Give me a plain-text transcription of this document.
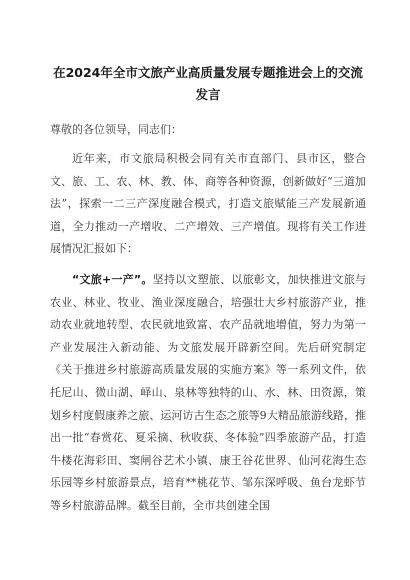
在2024年全市文旅产业高质量发展专题推进会上的交流发言

尊敬的各位领导，同志们：

近年来，市文旅局积极会同有关市直部门、县市区，整合文、旅、工、农、林、教、体、商等各种资源，创新做好“三道加法”，探索一二三产深度融合模式，打造文旅赋能三产发展新通道，全力推动一产增收、二产增效、三产增值。现将有关工作进展情况汇报如下：

“文旅+一产”。坚持以文塑旅、以旅彰文，加快推进文旅与农业、林业、牧业、渔业深度融合，培强壮大乡村旅游产业，推动农业就地转型、农民就地致富、农产品就地增值，努力为第一产业发展注入新动能、为文旅发展开辟新空间。先后研究制定《关于推进乡村旅游高质量发展的实施方案》等一系列文件，依托尼山、微山湖、峄山、泉林等独特的山、水、林、田资源，策划乡村度假康养之旅、运河访古生态之旅等9大精品旅游线路，推出一批“春赏花、夏采摘、秋收获、冬体验”四季旅游产品，打造牛楼花海彩田、窦闸谷艺术小镇、康王谷花世界、仙河花海生态乐园等乡村旅游景点，培育**桃花节、邹东深呼吸、鱼台龙虾节等乡村旅游品牌。截至目前，全市共创建全国
